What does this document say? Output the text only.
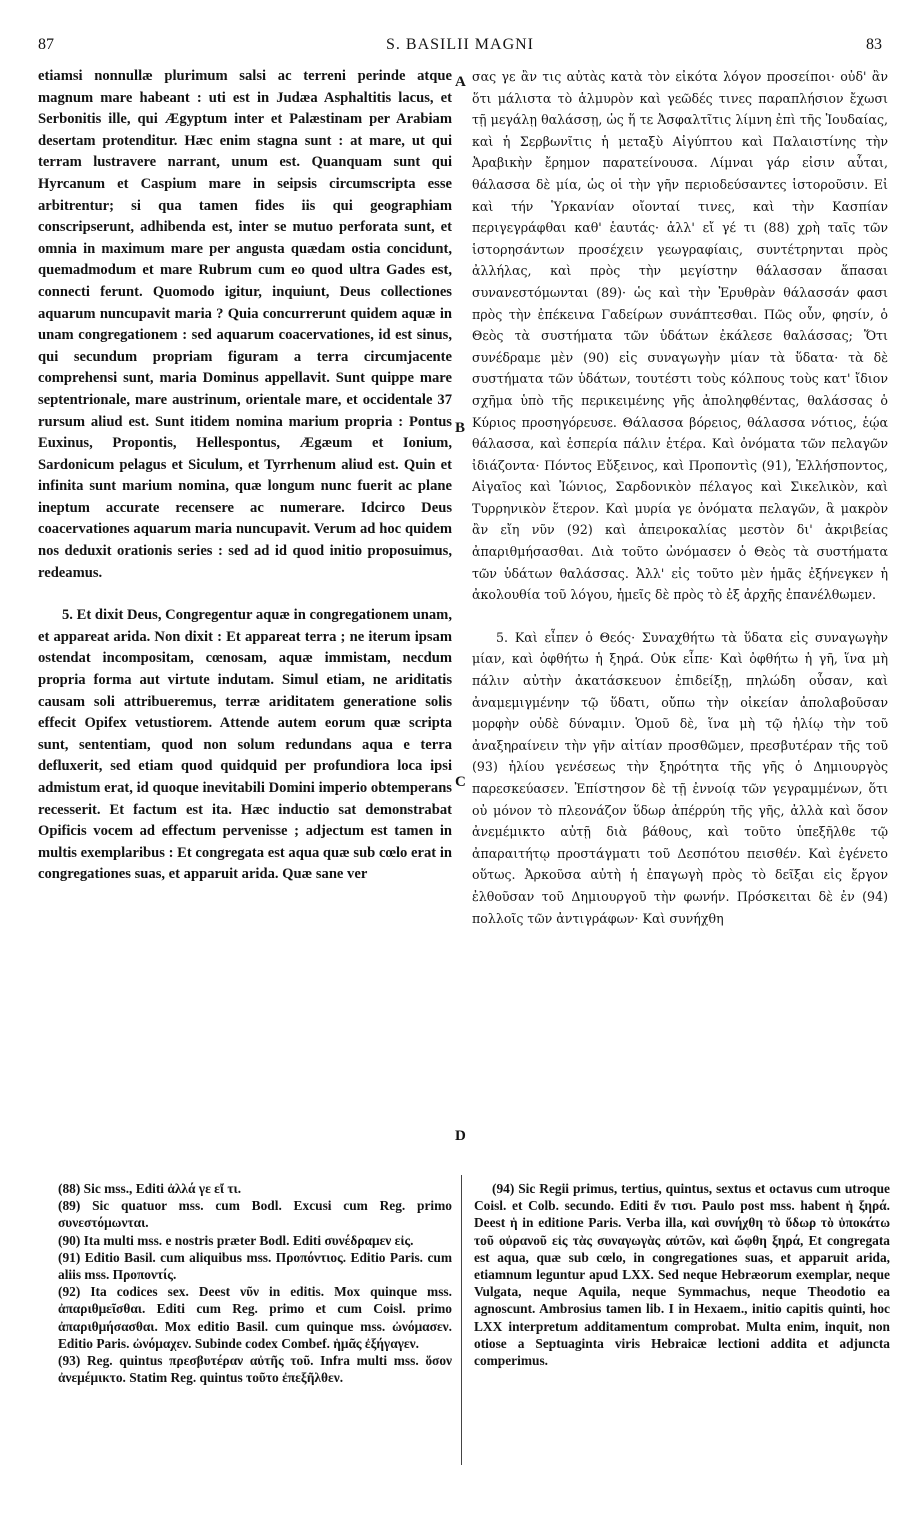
87	S. BASILII MAGNI	83

etiamsi nonnullæ plurimum salsi ac terreni perinde atque magnum mare habeant : uti est in Judæa Asphaltitis lacus, et Serbonitis ille, qui Ægyptum inter et Palæstinam per Arabiam desertam protenditur. Hæc enim stagna sunt : at mare, ut qui terram lustravere narrant, unum est. Quanquam sunt qui Hyrcanum et Caspium mare in seipsis circumscripta esse arbitrentur; si qua tamen fides iis qui geographiam conscripserunt, adhibenda est, inter se mutuo perforata sunt, et omnia in maximum mare per angusta quædam ostia concidunt, quemadmodum et mare Rubrum cum eo quod ultra Gades est, connecti ferunt. Quomodo igitur, inquiunt, Deus collectiones aquarum nuncupavit maria ? Quia concurrerunt quidem aquæ in unam congregationem : sed aquarum coacervationes, id est sinus, qui secundum propriam figuram a terra circumjacente comprehensi sunt, maria Dominus appellavit. Sunt quippe mare septentrionale, mare austrinum, orientale mare, et occidentale 37 rursum aliud est. Sunt itidem nomina marium propria : Pontus Euxinus, Propontis, Hellespontus, Ægæum et Ionium, Sardonicum pelagus et Siculum, et Tyrrhenum aliud est. Quin et infinita sunt marium nomina, quæ longum nunc fuerit ac plane ineptum accurate recensere ac numerare. Idcirco Deus coacervationes aquarum maria nuncupavit. Verum ad hoc quidem nos deduxit orationis series : sed ad id quod initio proposuimus, redeamus.

5. Et dixit Deus, Congregentur aquæ in congregationem unam, et appareat arida. Non dixit : Et appareat terra ; ne iterum ipsam ostendat incompositam, cœnosam, aquæ immistam, necdum propria forma aut virtute indutam. Simul etiam, ne ariditatis causam soli attribueremus, terræ ariditatem generatione solis effecit Opifex vetustiorem. Attende autem eorum quæ scripta sunt, sententiam, quod non solum redundans aqua e terra defluxerit, sed etiam quod quidquid per profundiora loca ipsi admistum erat, id quoque inevitabili Domini imperio obtemperans recesserit. Et factum est ita. Hæc inductio sat demonstrabat Opificis vocem ad effectum pervenisse ; adjectum est tamen in multis exemplaribus : Et congregata est aqua quæ sub cœlo erat in congregationes suas, et apparuit arida. Quæ sane ver

σας γε ἂν τις αὐτὰς κατὰ τὸν εἰκότα λόγον προσείποι· οὐδ' ἂν ὅτι μάλιστα τὸ ἁλμυρὸν καὶ γεῶδές τινες παραπλήσιον ἔχωσι τῇ μεγάλῃ θαλάσσῃ, ὡς ἥ τε Ἀσφαλτῖτις λίμνη ἐπὶ τῆς Ἰουδαίας, καὶ ἡ Σερβωνῖτις ἡ μεταξὺ Αἰγύπτου καὶ Παλαιστίνης τὴν Ἀραβικὴν ἔρημον παρατείνουσα. Λίμναι γάρ εἰσιν αὗται, θάλασσα δὲ μία, ὡς οἱ τὴν γῆν περιοδεύσαντες ἱστοροῦσιν. Εἰ καὶ τήν Ὑρκανίαν οἴονταί τινες, καὶ τὴν Κασπίαν περιγεγράφθαι καθ' ἑαυτάς· ἀλλ' εἴ γέ τι (88) χρὴ ταῖς τῶν ἱστορησάντων προσέχειν γεωγραφίαις, συντέτρηνται πρὸς ἀλλήλας, καὶ πρὸς τὴν μεγίστην θάλασσαν ἅπασαι συνανεστόμωνται (89)· ὡς καὶ τὴν Ἐρυθρὰν θάλασσάν φασι πρὸς τὴν ἐπέκεινα Γαδείρων συνάπτεσθαι. Πῶς οὖν, φησίν, ὁ Θεὸς τὰ συστήματα τῶν ὑδάτων ἐκάλεσε θαλάσσας; Ὅτι συνέδραμε μὲν (90) εἰς συναγωγὴν μίαν τὰ ὕδατα· τὰ δὲ συστήματα τῶν ὑδάτων, τουτέστι τοὺς κόλπους τοὺς κατ' ἴδιον σχῆμα ὑπὸ τῆς περικειμένης γῆς ἀποληφθέντας, θαλάσσας ὁ Κύριος προσηγόρευσε. Θάλασσα βόρειος, θάλασσα νότιος, ἑῴα θάλασσα, καὶ ἑσπερία πάλιν ἑτέρα. Καὶ ὀνόματα τῶν πελαγῶν ἰδιάζοντα· Πόντος Εὔξεινος, καὶ Προποντὶς (91), Ἑλλήσποντος, Αἰγαῖος καὶ Ἰώνιος, Σαρδονικὸν πέλαγος καὶ Σικελικὸν, καὶ Τυρρηνικὸν ἕτερον. Καὶ μυρία γε ὀνόματα πελαγῶν, ἃ μακρὸν ἂν εἴη νῦν (92) καὶ ἀπειροκαλίας μεστὸν δι' ἀκριβείας ἀπαριθμήσασθαι. Διὰ τοῦτο ὠνόμασεν ὁ Θεὸς τὰ συστήματα τῶν ὑδάτων θαλάσσας. Ἀλλ' εἰς τοῦτο μὲν ἡμᾶς ἐξήνεγκεν ἡ ἀκολουθία τοῦ λόγου, ἡμεῖς δὲ πρὸς τὸ ἐξ ἀρχῆς ἐπανέλθωμεν.

5. Καὶ εἶπεν ὁ Θεός· Συναχθήτω τὰ ὕδατα εἰς συναγωγὴν μίαν, καὶ ὀφθήτω ἡ ξηρά. Οὐκ εἶπε· Καὶ ὀφθήτω ἡ γῆ, ἵνα μὴ πάλιν αὐτὴν ἀκατάσκευον ἐπιδείξῃ, πηλώδη οὖσαν, καὶ ἀναμεμιγμένην τῷ ὕδατι, οὔπω τὴν οἰκείαν ἀπολαβοῦσαν μορφὴν οὐδὲ δύναμιν. Ὁμοῦ δὲ, ἵνα μὴ τῷ ἡλίῳ τὴν τοῦ ἀναξηραίνειν τὴν γῆν αἰτίαν προσθῶμεν, πρεσβυτέραν τῆς τοῦ (93) ἡλίου γενέσεως τὴν ξηρότητα τῆς γῆς ὁ Δημιουργὸς παρεσκεύασεν. Ἐπίστησον δὲ τῇ ἐννοίᾳ τῶν γεγραμμένων, ὅτι οὐ μόνον τὸ πλεονάζον ὕδωρ ἀπέρρύη τῆς γῆς, ἀλλὰ καὶ ὅσον ἀνεμέμικτο αὐτῇ διὰ βάθους, καὶ τοῦτο ὑπεξῆλθε τῷ ἀπαραιτήτῳ προστάγματι τοῦ Δεσπότου πεισθέν. Καὶ ἐγένετο οὕτως. Ἀρκοῦσα αὐτὴ ἡ ἐπαγωγὴ πρὸς τὸ δεῖξαι εἰς ἔργον ἐλθοῦσαν τοῦ Δημιουργοῦ τὴν φωνήν. Πρόσκειται δὲ ἐν (94) πολλοῖς τῶν ἀντιγράφων· Καὶ συνήχθη

A
B
C
D

(88) Sic mss., Editi ἀλλά γε εἴ τι.

(89) Sic quatuor mss. cum Bodl. Excusi cum Reg. primo συνεστόμωνται.

(90) Ita multi mss. e nostris præter Bodl. Editi συνέδραμεν εἰς.

(91) Editio Basil. cum aliquibus mss. Προπόντιος. Editio Paris. cum aliis mss. Προποντίς.

(92) Ita codices sex. Deest νῦν in editis. Mox quinque mss. ἀπαριθμεῖσθαι. Editi cum Reg. primo et cum Coisl. primo ἀπαριθμήσασθαι. Mox editio Basil. cum quinque mss. ὠνόμασεν. Editio Paris. ὠνόμαχεν. Subinde codex Combef. ἡμᾶς ἐξήγαγεν.

(93) Reg. quintus πρεσβυτέραν αὐτῆς τοῦ. Infra multi mss. ὅσον ἀνεμέμικτο. Statim Reg. quintus τοῦτο ἐπεξῆλθεν.

(94) Sic Regii primus, tertius, quintus, sextus et octavus cum utroque Coisl. et Colb. secundo. Editi ἔν τισι. Paulo post mss. habent ἡ ξηρά. Deest ἡ in editione Paris. Verba illa, καὶ συνήχθη τὸ ὕδωρ τὸ ὑποκάτω τοῦ οὐρανοῦ εἰς τὰς συναγωγὰς αὐτῶν, καὶ ὤφθη ξηρά, Et congregata est aqua, quæ sub cœlo, in congregationes suas, et apparuit arida, etiamnum leguntur apud LXX. Sed neque Hebræorum exemplar, neque Vulgata, neque Aquila, neque Symmachus, neque Theodotio ea agnoscunt. Ambrosius tamen lib. I in Hexaem., initio capitis quinti, hoc LXX interpretum additamentum comprobat. Multa enim, inquit, non otiose a Septuaginta viris Hebraicæ lectioni addita et adjuncta comperimus.
